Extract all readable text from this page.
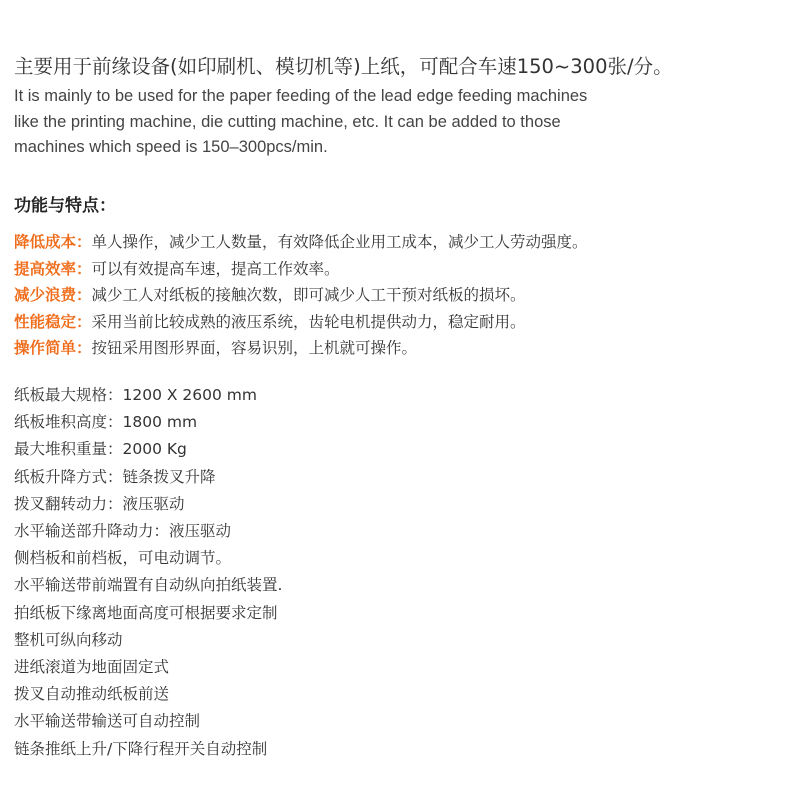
主要用于前缘设备(如印刷机、模切机等)上纸，可配合车速150~300张/分。
It is mainly to be used for the paper feeding of the lead edge feeding machines
like the printing machine, die cutting machine, etc. It can be added to those
machines which speed is 150–300pcs/min.
功能与特点：
降低成本：单人操作，减少工人数量，有效降低企业用工成本，减少工人劳动强度。
提高效率：可以有效提高车速，提高工作效率。
减少浪费：减少工人对纸板的接触次数，即可减少人工干预对纸板的损坏。
性能稳定：采用当前比较成熟的液压系统，齿轮电机提供动力，稳定耐用。
操作简单：按钮采用图形界面，容易识别，上机就可操作。
纸板最大规格：1200 X 2600 mm
纸板堆积高度：1800 mm
最大堆积重量：2000 Kg
纸板升降方式：链条拨叉升降
拨叉翻转动力：液压驱动
水平输送部升降动力：液压驱动
侧档板和前档板，可电动调节。
水平输送带前端置有自动纵向拍纸装置.
拍纸板下缘离地面高度可根据要求定制
整机可纵向移动
进纸滚道为地面固定式
拨叉自动推动纸板前送
水平输送带输送可自动控制
链条推纸上升/下降行程开关自动控制
